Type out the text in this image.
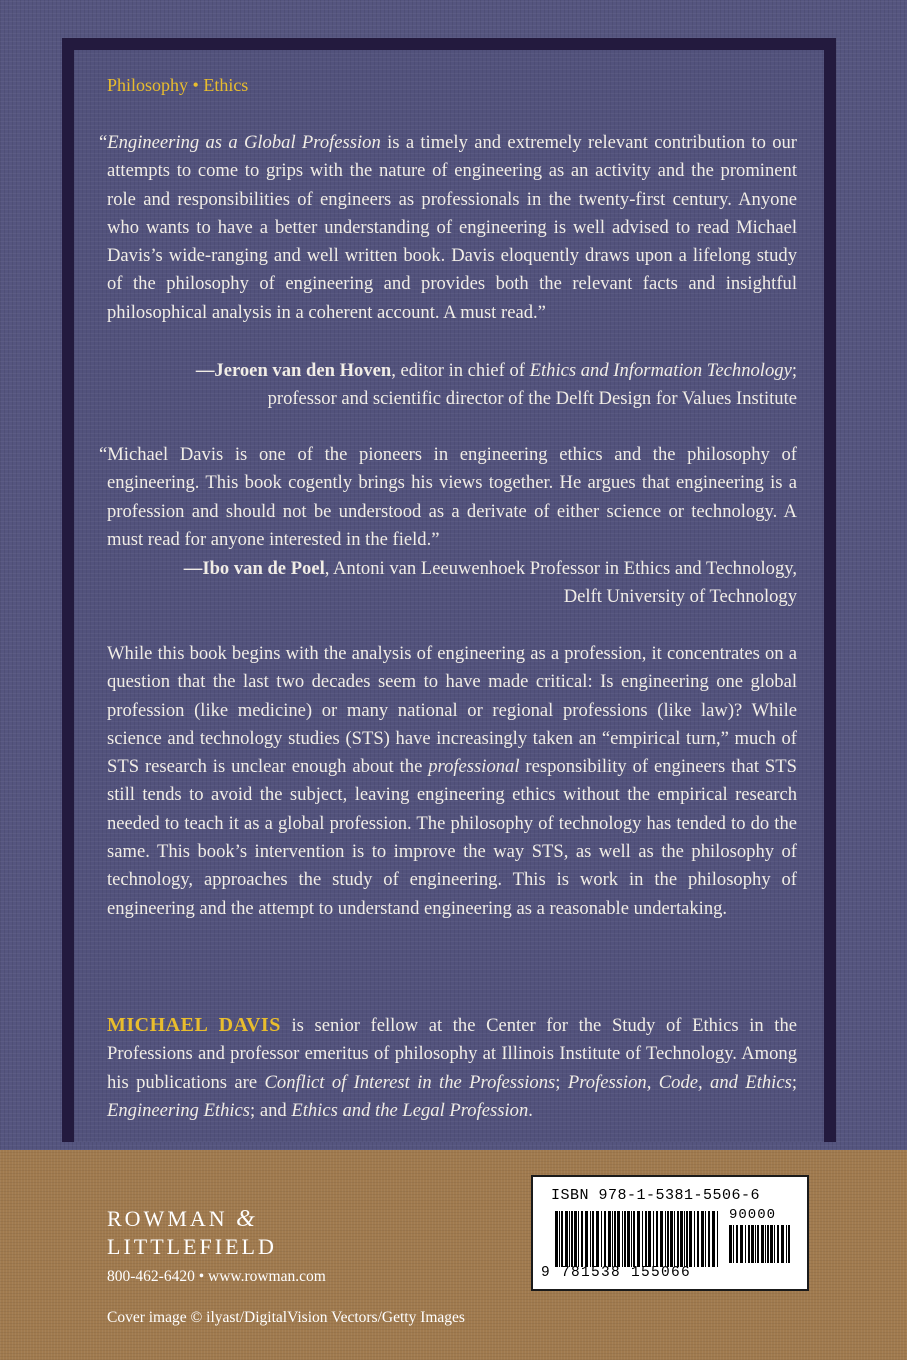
Philosophy • Ethics

“Engineering as a Global Profession is a timely and extremely relevant contribution to our attempts to come to grips with the nature of engineering as an activity and the prominent role and responsibilities of engineers as professionals in the twenty-first century. Anyone who wants to have a better understanding of engineering is well advised to read Michael Davis’s wide-ranging and well written book. Davis eloquently draws upon a lifelong study of the philosophy of engineering and provides both the relevant facts and insightful philosophical analysis in a coherent account. A must read.”

—Jeroen van den Hoven, editor in chief of Ethics and Information Technology;
professor and scientific director of the Delft Design for Values Institute

“Michael Davis is one of the pioneers in engineering ethics and the philosophy of engineering. This book cogently brings his views together. He argues that engineering is a profession and should not be understood as a derivate of either science or technology. A must read for anyone interested in the field.”

—Ibo van de Poel, Antoni van Leeuwenhoek Professor in Ethics and Technology,
Delft University of Technology

While this book begins with the analysis of engineering as a profession, it concentrates on a question that the last two decades seem to have made critical: Is engineering one global profession (like medicine) or many national or regional professions (like law)? While science and technology studies (STS) have increasingly taken an “empirical turn,” much of STS research is unclear enough about the professional responsibility of engineers that STS still tends to avoid the subject, leaving engineering ethics without the empirical research needed to teach it as a global profession. The philosophy of technology has tended to do the same. This book’s intervention is to improve the way STS, as well as the philosophy of technology, approaches the study of engineering. This is work in the philosophy of engineering and the attempt to understand engineering as a reasonable undertaking.

MICHAEL DAVIS is senior fellow at the Center for the Study of Ethics in the Professions and professor emeritus of philosophy at Illinois Institute of Technology. Among his publications are Conflict of Interest in the Professions; Profession, Code, and Ethics; Engineering Ethics; and Ethics and the Legal Profession.

ROWMAN &
LITTLEFIELD
800-462-6420 • www.rowman.com
Cover image © ilyast/DigitalVision Vectors/Getty Images
ISBN 978-1-5381-5506-6
90000
9 781538 155066
